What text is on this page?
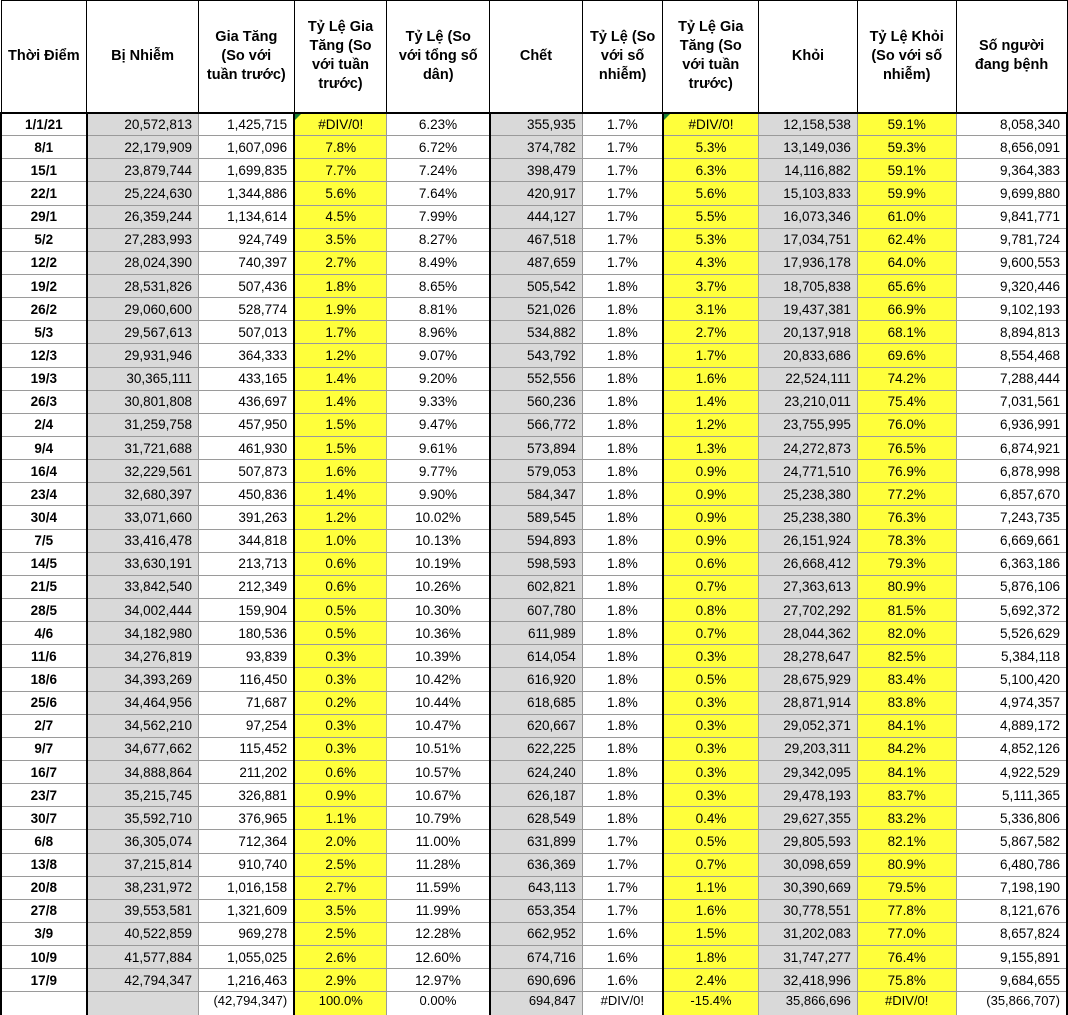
Thời Điểm	Bị Nhiễm	Gia Tăng (So với tuần trước)	Tỷ Lệ Gia Tăng (So với tuần trước)	Tỷ Lệ (So với tổng số dân)	Chết	Tỷ Lệ (So với số nhiễm)	Tỷ Lệ Gia Tăng (So với tuần trước)	Khỏi	Tỷ Lệ Khỏi (So với số nhiễm)	Số người đang bệnh

1/1/21	20,572,813	1,425,715	#DIV/0!	6.23%	355,935	1.7%	#DIV/0!	12,158,538	59.1%	8,058,340
8/1	22,179,909	1,607,096	7.8%	6.72%	374,782	1.7%	5.3%	13,149,036	59.3%	8,656,091
15/1	23,879,744	1,699,835	7.7%	7.24%	398,479	1.7%	6.3%	14,116,882	59.1%	9,364,383
22/1	25,224,630	1,344,886	5.6%	7.64%	420,917	1.7%	5.6%	15,103,833	59.9%	9,699,880
29/1	26,359,244	1,134,614	4.5%	7.99%	444,127	1.7%	5.5%	16,073,346	61.0%	9,841,771
5/2	27,283,993	924,749	3.5%	8.27%	467,518	1.7%	5.3%	17,034,751	62.4%	9,781,724
12/2	28,024,390	740,397	2.7%	8.49%	487,659	1.7%	4.3%	17,936,178	64.0%	9,600,553
19/2	28,531,826	507,436	1.8%	8.65%	505,542	1.8%	3.7%	18,705,838	65.6%	9,320,446
26/2	29,060,600	528,774	1.9%	8.81%	521,026	1.8%	3.1%	19,437,381	66.9%	9,102,193
5/3	29,567,613	507,013	1.7%	8.96%	534,882	1.8%	2.7%	20,137,918	68.1%	8,894,813
12/3	29,931,946	364,333	1.2%	9.07%	543,792	1.8%	1.7%	20,833,686	69.6%	8,554,468
19/3	30,365,111	433,165	1.4%	9.20%	552,556	1.8%	1.6%	22,524,111	74.2%	7,288,444
26/3	30,801,808	436,697	1.4%	9.33%	560,236	1.8%	1.4%	23,210,011	75.4%	7,031,561
2/4	31,259,758	457,950	1.5%	9.47%	566,772	1.8%	1.2%	23,755,995	76.0%	6,936,991
9/4	31,721,688	461,930	1.5%	9.61%	573,894	1.8%	1.3%	24,272,873	76.5%	6,874,921
16/4	32,229,561	507,873	1.6%	9.77%	579,053	1.8%	0.9%	24,771,510	76.9%	6,878,998
23/4	32,680,397	450,836	1.4%	9.90%	584,347	1.8%	0.9%	25,238,380	77.2%	6,857,670
30/4	33,071,660	391,263	1.2%	10.02%	589,545	1.8%	0.9%	25,238,380	76.3%	7,243,735
7/5	33,416,478	344,818	1.0%	10.13%	594,893	1.8%	0.9%	26,151,924	78.3%	6,669,661
14/5	33,630,191	213,713	0.6%	10.19%	598,593	1.8%	0.6%	26,668,412	79.3%	6,363,186
21/5	33,842,540	212,349	0.6%	10.26%	602,821	1.8%	0.7%	27,363,613	80.9%	5,876,106
28/5	34,002,444	159,904	0.5%	10.30%	607,780	1.8%	0.8%	27,702,292	81.5%	5,692,372
4/6	34,182,980	180,536	0.5%	10.36%	611,989	1.8%	0.7%	28,044,362	82.0%	5,526,629
11/6	34,276,819	93,839	0.3%	10.39%	614,054	1.8%	0.3%	28,278,647	82.5%	5,384,118
18/6	34,393,269	116,450	0.3%	10.42%	616,920	1.8%	0.5%	28,675,929	83.4%	5,100,420
25/6	34,464,956	71,687	0.2%	10.44%	618,685	1.8%	0.3%	28,871,914	83.8%	4,974,357
2/7	34,562,210	97,254	0.3%	10.47%	620,667	1.8%	0.3%	29,052,371	84.1%	4,889,172
9/7	34,677,662	115,452	0.3%	10.51%	622,225	1.8%	0.3%	29,203,311	84.2%	4,852,126
16/7	34,888,864	211,202	0.6%	10.57%	624,240	1.8%	0.3%	29,342,095	84.1%	4,922,529
23/7	35,215,745	326,881	0.9%	10.67%	626,187	1.8%	0.3%	29,478,193	83.7%	5,111,365
30/7	35,592,710	376,965	1.1%	10.79%	628,549	1.8%	0.4%	29,627,355	83.2%	5,336,806
6/8	36,305,074	712,364	2.0%	11.00%	631,899	1.7%	0.5%	29,805,593	82.1%	5,867,582
13/8	37,215,814	910,740	2.5%	11.28%	636,369	1.7%	0.7%	30,098,659	80.9%	6,480,786
20/8	38,231,972	1,016,158	2.7%	11.59%	643,113	1.7%	1.1%	30,390,669	79.5%	7,198,190
27/8	39,553,581	1,321,609	3.5%	11.99%	653,354	1.7%	1.6%	30,778,551	77.8%	8,121,676
3/9	40,522,859	969,278	2.5%	12.28%	662,952	1.6%	1.5%	31,202,083	77.0%	8,657,824
10/9	41,577,884	1,055,025	2.6%	12.60%	674,716	1.6%	1.8%	31,747,277	76.4%	9,155,891
17/9	42,794,347	1,216,463	2.9%	12.97%	690,696	1.6%	2.4%	32,418,996	75.8%	9,684,655
		(42,794,347)	100.0%	0.00%	694,847	#DIV/0!	-15.4%	35,866,696	#DIV/0!	(35,866,707)
